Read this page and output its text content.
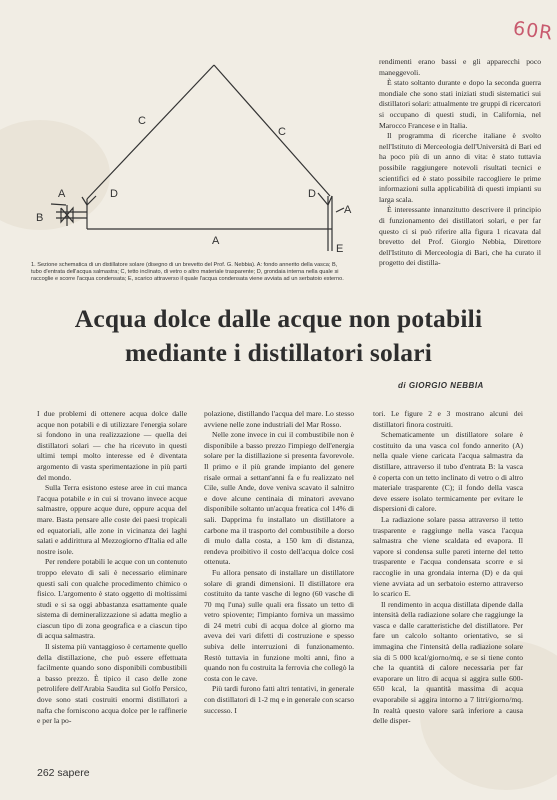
60R
A	D
B
A
C
C
D
A
E
1. Sezione schematica di un distillatore solare (disegno di un brevetto del Prof. G. Nebbia). A: fondo annerito della vasca; B, tubo d'entrata dell'acqua salmastra; C, tetto inclinato, di vetro o altro materiale trasparente; D, grondaia interna nella quale si raccoglie e scorre l'acqua condensata; E, scarico attraverso il quale l'acqua condensata viene avviata ad un serbatoio esterno.

rendimenti erano bassi e gli apparecchi poco maneggevoli.

È stato soltanto durante e dopo la seconda guerra mondiale che sono stati iniziati studi sistematici sui distillatori solari: attualmente tre gruppi di ricercatori si occupano di questi studi, in California, nel Marocco Francese e in Italia.

Il programma di ricerche italiane è svolto nell'Istituto di Merceologia dell'Università di Bari ed ha poco più di un anno di vita: è stato tuttavia possibile raggiungere notevoli risultati tecnici e scientifici ed è stato possibile raccogliere le prime informazioni sulla applicabilità di questi impianti su larga scala.

È interessante innanzitutto descrivere il principio di funzionamento dei distillatori solari, e per far questo ci si può riferire alla figura 1 ricavata dal brevetto del Prof. Giorgio Nebbia, Direttore dell'Istituto di Merceologia di Bari, che ha curato il progetto dei distilla-

Acqua dolce dalle acque non potabili
mediante i distillatori solari
di GIORGIO NEBBIA

I due problemi di ottenere acqua dolce dalle acque non potabili e di utilizzare l'energia solare si fondono in una realizzazione — quella dei distillatori solari — che ha ricevuto in questi ultimi tempi molto interesse ed è diventata argomento di vasta sperimentazione in più parti del mondo.

Sulla Terra esistono estese aree in cui manca l'acqua potabile e in cui si trovano invece acque salmastre, oppure acque dure, oppure acqua del mare. Basta pensare alle coste dei paesi tropicali ed equatoriali, alle zone in vicinanza dei laghi salati e addirittura al Mezzogiorno d'Italia ed alle nostre isole.

Per rendere potabili le acque con un contenuto troppo elevato di sali è necessario eliminare questi sali con qualche procedimento chimico o fisico. L'argomento è stato oggetto di moltissimi studi e si sa oggi abbastanza esattamente quale sistema di demineralizzazione si adatta meglio a ciascun tipo di zona geografica e a ciascun tipo di acqua salmastra.

Il sistema più vantaggioso è certamente quello della distillazione, che può essere effettuata facilmente quando sono disponibili combustibili a basso prezzo. È tipico il caso delle zone petrolifere dell'Arabia Saudita sul Golfo Persico, dove sono stati costruiti enormi distillatori a nafta che forniscono acqua dolce per le raffinerie e per la po-

polazione, distillando l'acqua del mare. Lo stesso avviene nelle zone industriali del Mar Rosso.

Nelle zone invece in cui il combustibile non è disponibile a basso prezzo l'impiego dell'energia solare per la distillazione si presenta favorevole. Il primo e il più grande impianto del genere risale ormai a settant'anni fa e fu realizzato nel Cile, sulle Ande, dove veniva scavato il salnitro e dove alcune centinaia di minatori avevano disponibile soltanto un'acqua freatica col 14% di sali. Dapprima fu installato un distillatore a carbone ma il trasporto del combustibile a dorso di mulo dalla costa, a 150 km di distanza, rendeva proibitivo il costo dell'acqua dolce così ottenuta.

Fu allora pensato di installare un distillatore solare di grandi dimensioni. Il distillatore era costituito da tante vasche di legno (60 vasche di 70 mq l'una) sulle quali era fissato un tetto di vetro spiovente; l'impianto forniva un massimo di 24 metri cubi di acqua dolce al giorno ma aveva dei vari difetti di costruzione e spesso subiva delle interruzioni di funzionamento. Restò tuttavia in funzione molti anni, fino a quando non fu costruita la ferrovia che collegò la costa con le cave.

Più tardi furono fatti altri tentativi, in generale con distillatori di 1-2 mq e in generale con scarso successo. I

tori. Le figure 2 e 3 mostrano alcuni dei distillatori finora costruiti.

Schematicamente un distillatore solare è costituito da una vasca col fondo annerito (A) nella quale viene caricata l'acqua salmastra da distillare, attraverso il tubo d'entrata B: la vasca è coperta con un tetto inclinato di vetro o di altro materiale trasparente (C); il fondo della vasca deve essere isolato termicamente per evitare le dispersioni di calore.

La radiazione solare passa attraverso il tetto trasparente e raggiunge nella vasca l'acqua salmastra che viene scaldata ed evapora. Il vapore si condensa sulle pareti interne del tetto trasparente e l'acqua condensata scorre e si raccoglie in una grondaia interna (D) e da qui viene avviata ad un serbatoio esterno attraverso lo scarico E.

Il rendimento in acqua distillata dipende dalla intensità della radiazione solare che raggiunge la vasca e dalle caratteristiche del distillatore. Per fare un calcolo soltanto orientativo, se si immagina che l'intensità della radiazione solare sia di 5 000 kcal/giorno/mq, e se si tiene conto che la quantità di calore necessaria per far evaporare un litro di acqua si aggira sulle 600-650 kcal, la quantità massima di acqua evaporabile si aggira intorno a 7 litri/giorno/mq. In realtà questo valore sarà inferiore a causa delle disper-

262 sapere
